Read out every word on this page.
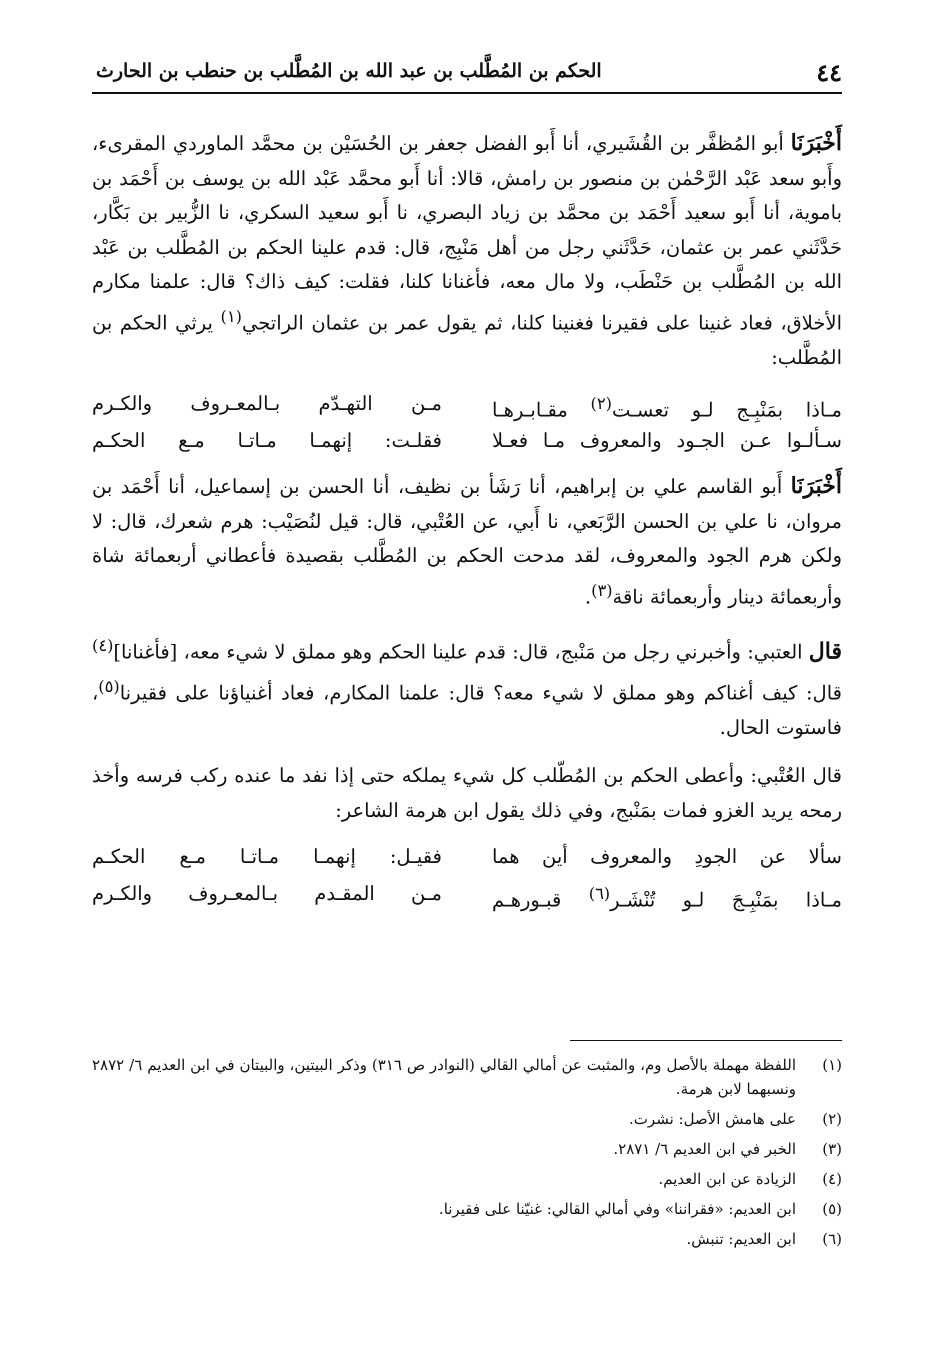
٤٤
الحكم بن المُطَّلب بن عبد الله بن المُطَّلب بن حنطب بن الحارث

أَخْبَرَنَا أبو المُظفَّر بن القُشَيري، أنا أَبو الفضل جعفر بن الحُسَيْن بن محمَّد الماوردي المقرىء، وأَبو سعد عَبْد الرَّحْمٰن بن منصور بن رامش، قالا: أنا أَبو محمَّد عَبْد الله بن يوسف بن أَحْمَد بن باموية، أنا أَبو سعيد أَحْمَد بن محمَّد بن زياد البصري، نا أَبو سعيد السكري، نا الزُّبير بن بَكَّار، حَدَّثَني عمر بن عثمان، حَدَّثَني رجل من أهل مَنْبِج، قال: قدم علينا الحكم بن المُطَّلب بن عَبْد الله بن المُطَّلب بن حَنْطَب، ولا مال معه، فأغنانا كلنا، فقلت: كيف ذاك؟ قال: علمنا مكارم الأخلاق، فعاد غنينا على فقيرنا فغنينا كلنا، ثم يقول عمر بن عثمان الراتجي$^{(١)}$ يرثي الحكم بن المُطَّلب:

مـاذا بمَنْبِـج لـو تعسـت$^{(٢)}$ مقـابـرهـا
مـن التهـدّم بـالمعـروف والكـرم
سـألـوا عـن الجـود والمعروف مـا فعـلا
فقلـت: إنهمـا مـاتـا مـع الحكـم

أَخْبَرَنَا أَبو القاسم علي بن إبراهيم، أنا رَشَأ بن نظيف، أنا الحسن بن إسماعيل، أنا أَحْمَد بن مروان، نا علي بن الحسن الرَّبَعي، نا أَبي، عن العُتْبي، قال: قيل لنُصَيْب: هرم شعرك، قال: لا ولكن هرم الجود والمعروف، لقد مدحت الحكم بن المُطَّلب بقصيدة فأعطاني أربعمائة شاة وأربعمائة دينار وأربعمائة ناقة$^{(٣)}$.

قال العتبي: وأخبرني رجل من مَنْبج، قال: قدم علينا الحكم وهو مملق لا شيء معه، [فأغنانا]$^{(٤)}$ قال: كيف أغناكم وهو مملق لا شيء معه؟ قال: علمنا المكارم، فعاد أغنياؤنا على فقيرنا$^{(٥)}$، فاستوت الحال.

قال العُتْبي: وأعطى الحكم بن المُطّلب كل شيء يملكه حتى إذا نفد ما عنده ركب فرسه وأخذ رمحه يريد الغزو فمات بمَنْبج، وفي ذلك يقول ابن هرمة الشاعر:

سألا عن الجودِ والمعروف أين هما
فقيـل: إنهمـا مـاتـا مـع الحكـم
مـاذا بمَنْبِـجَ لـو تُنْشَـر$^{(٦)}$ قبـورهـم
مـن المقـدم بـالمعـروف والكـرم
(١)
اللفظة مهملة بالأصل وم، والمثبت عن أمالي القالي (النوادر ص ٣١٦) وذكر البيتين، والبيتان في ابن العديم ٦/ ٢٨٧٢ ونسبهما لابن هرمة.
(٢)
على هامش الأصل: نشرت.
(٣)
الخبر في ابن العديم ٦/ ٢٨٧١.
(٤)
الزيادة عن ابن العديم.
(٥)
ابن العديم: «فقراننا» وفي أمالي القالي: غنيّنا على فقيرنا.
(٦)
ابن العديم: تنبش.
